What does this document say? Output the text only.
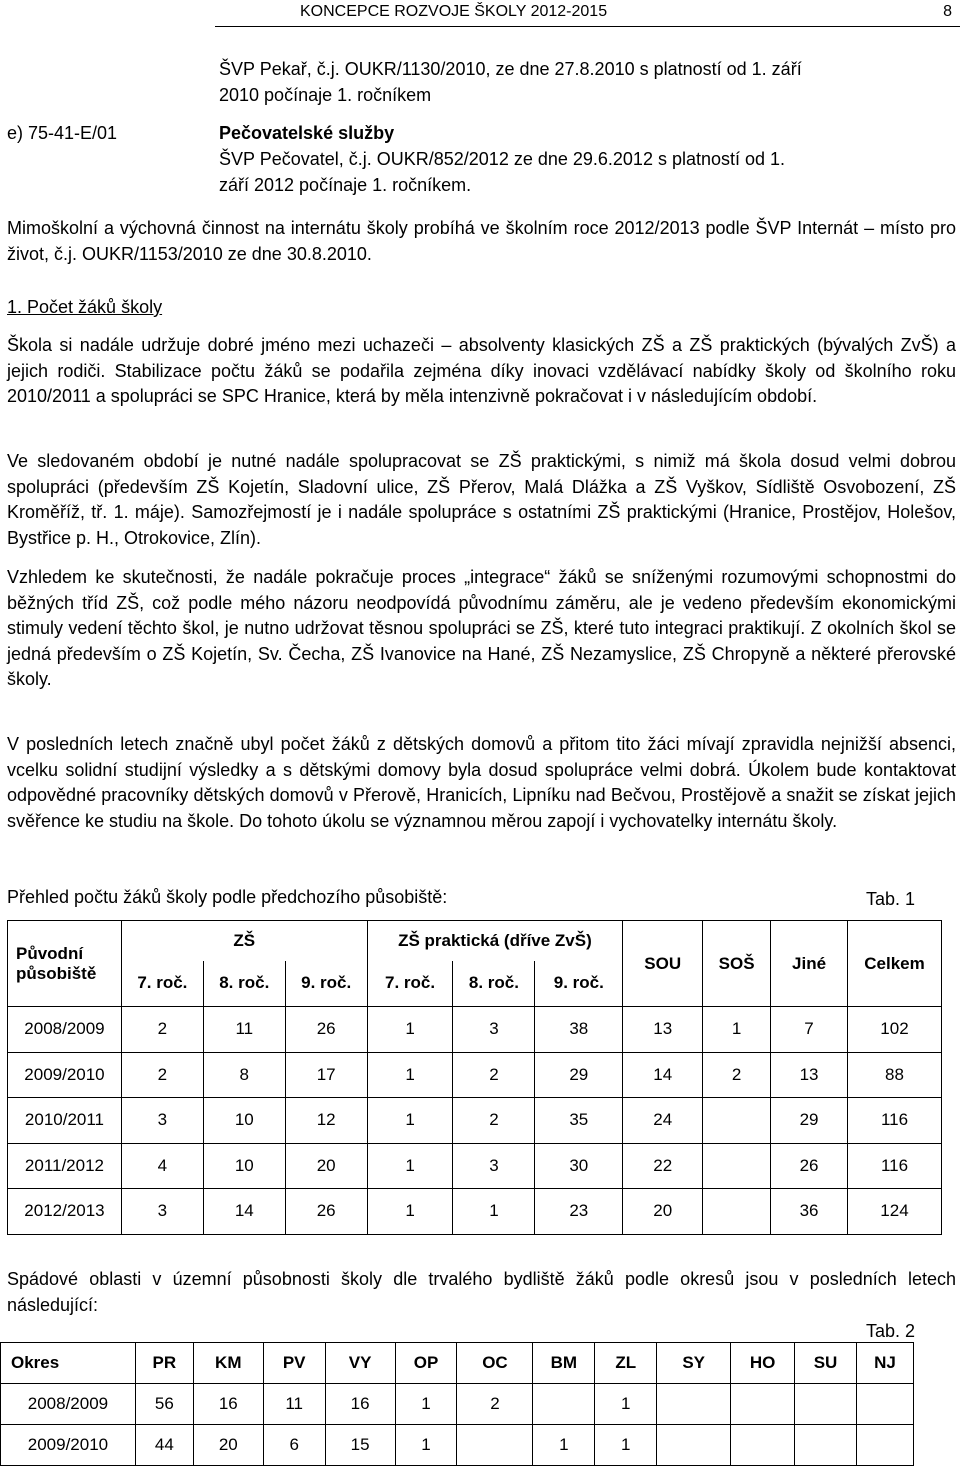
KONCEPCE ROZVOJE ŠKOLY 2012-2015	8
ŠVP Pekař, č.j. OUKR/1130/2010, ze dne 27.8.2010 s platností od 1. září
2010 počínaje 1. ročníkem
e) 75-41-E/01	Pečovatelské služby
ŠVP Pečovatel, č.j. OUKR/852/2012 ze dne 29.6.2012 s platností od 1.
září 2012 počínaje 1. ročníkem.

Mimoškolní a výchovná činnost na internátu školy probíhá ve školním roce 2012/2013 podle ŠVP Internát – místo pro život, č.j. OUKR/1153/2010 ze dne 30.8.2010.

1. Počet žáků školy

Škola si nadále udržuje dobré jméno mezi uchazeči – absolventy klasických ZŠ a ZŠ praktických (bývalých ZvŠ) a jejich rodiči. Stabilizace počtu žáků se podařila zejména díky inovaci vzdělávací nabídky školy od školního roku 2010/2011 a spolupráci se SPC Hranice, která by měla intenzivně pokračovat i v následujícím období.

Ve sledovaném období je nutné nadále spolupracovat se ZŠ praktickými, s nimiž má škola dosud velmi dobrou spolupráci (především ZŠ Kojetín, Sladovní ulice, ZŠ Přerov, Malá Dlážka a ZŠ Vyškov, Sídliště Osvobození, ZŠ Kroměříž, tř. 1. máje). Samozřejmostí je i nadále spolupráce s ostatními ZŠ praktickými (Hranice, Prostějov, Holešov, Bystřice p. H., Otrokovice, Zlín).

Vzhledem ke skutečnosti, že nadále pokračuje proces „integrace“ žáků se sníženými rozumovými schopnostmi do běžných tříd ZŠ, což podle mého názoru neodpovídá původnímu záměru, ale je vedeno především ekonomickými stimuly vedení těchto škol, je nutno udržovat těsnou spolupráci se ZŠ, které tuto integraci praktikují. Z okolních škol se jedná především o ZŠ Kojetín, Sv. Čecha, ZŠ Ivanovice na Hané, ZŠ Nezamyslice, ZŠ Chropyně a některé přerovské školy.

V posledních letech značně ubyl počet žáků z dětských domovů a přitom tito žáci mívají zpravidla nejnižší absenci, vcelku solidní studijní výsledky a s dětskými domovy byla dosud spolupráce velmi dobrá. Úkolem bude kontaktovat odpovědné pracovníky dětských domovů v Přerově, Hranicích, Lipníku nad Bečvou, Prostějově a snažit se získat jejich svěřence ke studiu na škole. Do tohoto úkolu se významnou měrou zapojí i vychovatelky internátu školy.

Přehled počtu žáků školy podle předchozího působiště:	Tab. 1
Původní
působiště	ZŠ			ZŠ praktická (dříve ZvŠ)			SOU	SOŠ	Jiné	Celkem
	7. roč.	8. roč.	9. roč.	7. roč.	8. roč.	9. roč.				
2008/2009	2	11	26	1	3	38	13	1	7	102
2009/2010	2	8	17	1	2	29	14	2	13	88
2010/2011	3	10	12	1	2	35	24		29	116
2011/2012	4	10	20	1	3	30	22		26	116
2012/2013	3	14	26	1	1	23	20		36	124
Spádové oblasti v územní působnosti školy dle trvalého bydliště žáků podle okresů jsou v posledních letech následující:
Tab. 2
Okres	PR	KM	PV	VY	OP	OC	BM	ZL	SY	HO	SU	NJ
2008/2009	56	16	11	16	1	2		1				
2009/2010	44	20	6	15	1		1	1				
